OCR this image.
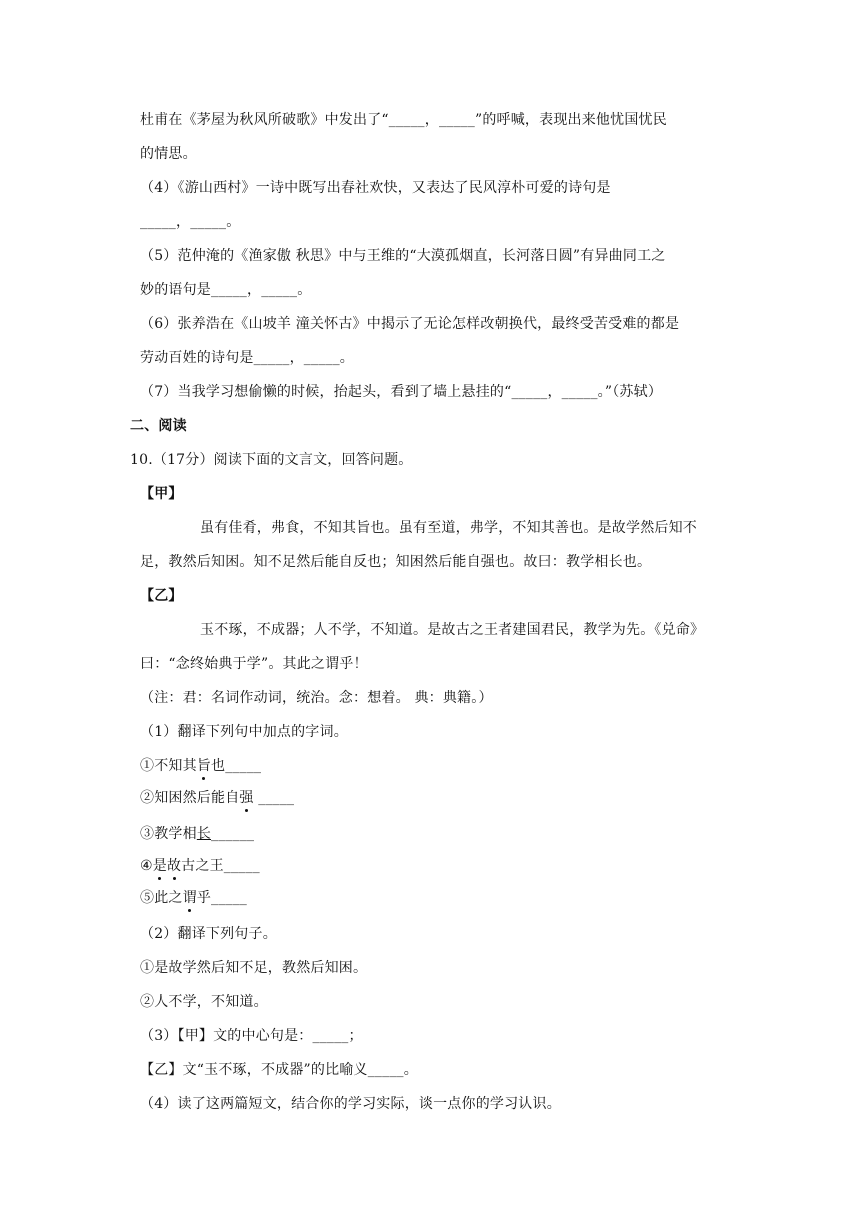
杜甫在《茅屋为秋风所破歌》中发出了“_____，_____”的呼喊，表现出来他忧国忧民
的情思。
（4）《游山西村》一诗中既写出春社欢快，又表达了民风淳朴可爱的诗句是
_____，_____。
（5）范仲淹的《渔家傲 秋思》中与王维的“大漠孤烟直，长河落日圆”有异曲同工之
妙的语句是_____，_____。
（6）张养浩在《山坡羊 潼关怀古》中揭示了无论怎样改朝换代，最终受苦受难的都是
劳动百姓的诗句是_____，_____。
（7）当我学习想偷懒的时候，抬起头，看到了墙上悬挂的“_____，_____。”（苏轼）
二、阅读
10.（17分）阅读下面的文言文，回答问题。
【甲】
虽有佳肴，弗食，不知其旨也。虽有至道，弗学，不知其善也。是故学然后知不
足，教然后知困。知不足然后能自反也；知困然后能自强也。故曰：教学相长也。
【乙】
玉不琢，不成器；人不学，不知道。是故古之王者建国君民，教学为先。《兑命》
曰：“念终始典于学”。其此之谓乎！
（注：君：名词作动词，统治。念：想着。 典：典籍。）
（1）翻译下列句中加点的字词。
①不知其旨也_____
②知困然后能自强 _____
③教学相长______
④是故古之王_____
⑤此之谓乎_____
（2）翻译下列句子。
①是故学然后知不足，教然后知困。
②人不学，不知道。
（3）【甲】文的中心句是：_____；
【乙】文“玉不琢，不成器”的比喻义_____。
（4）读了这两篇短文，结合你的学习实际，谈一点你的学习认识。
